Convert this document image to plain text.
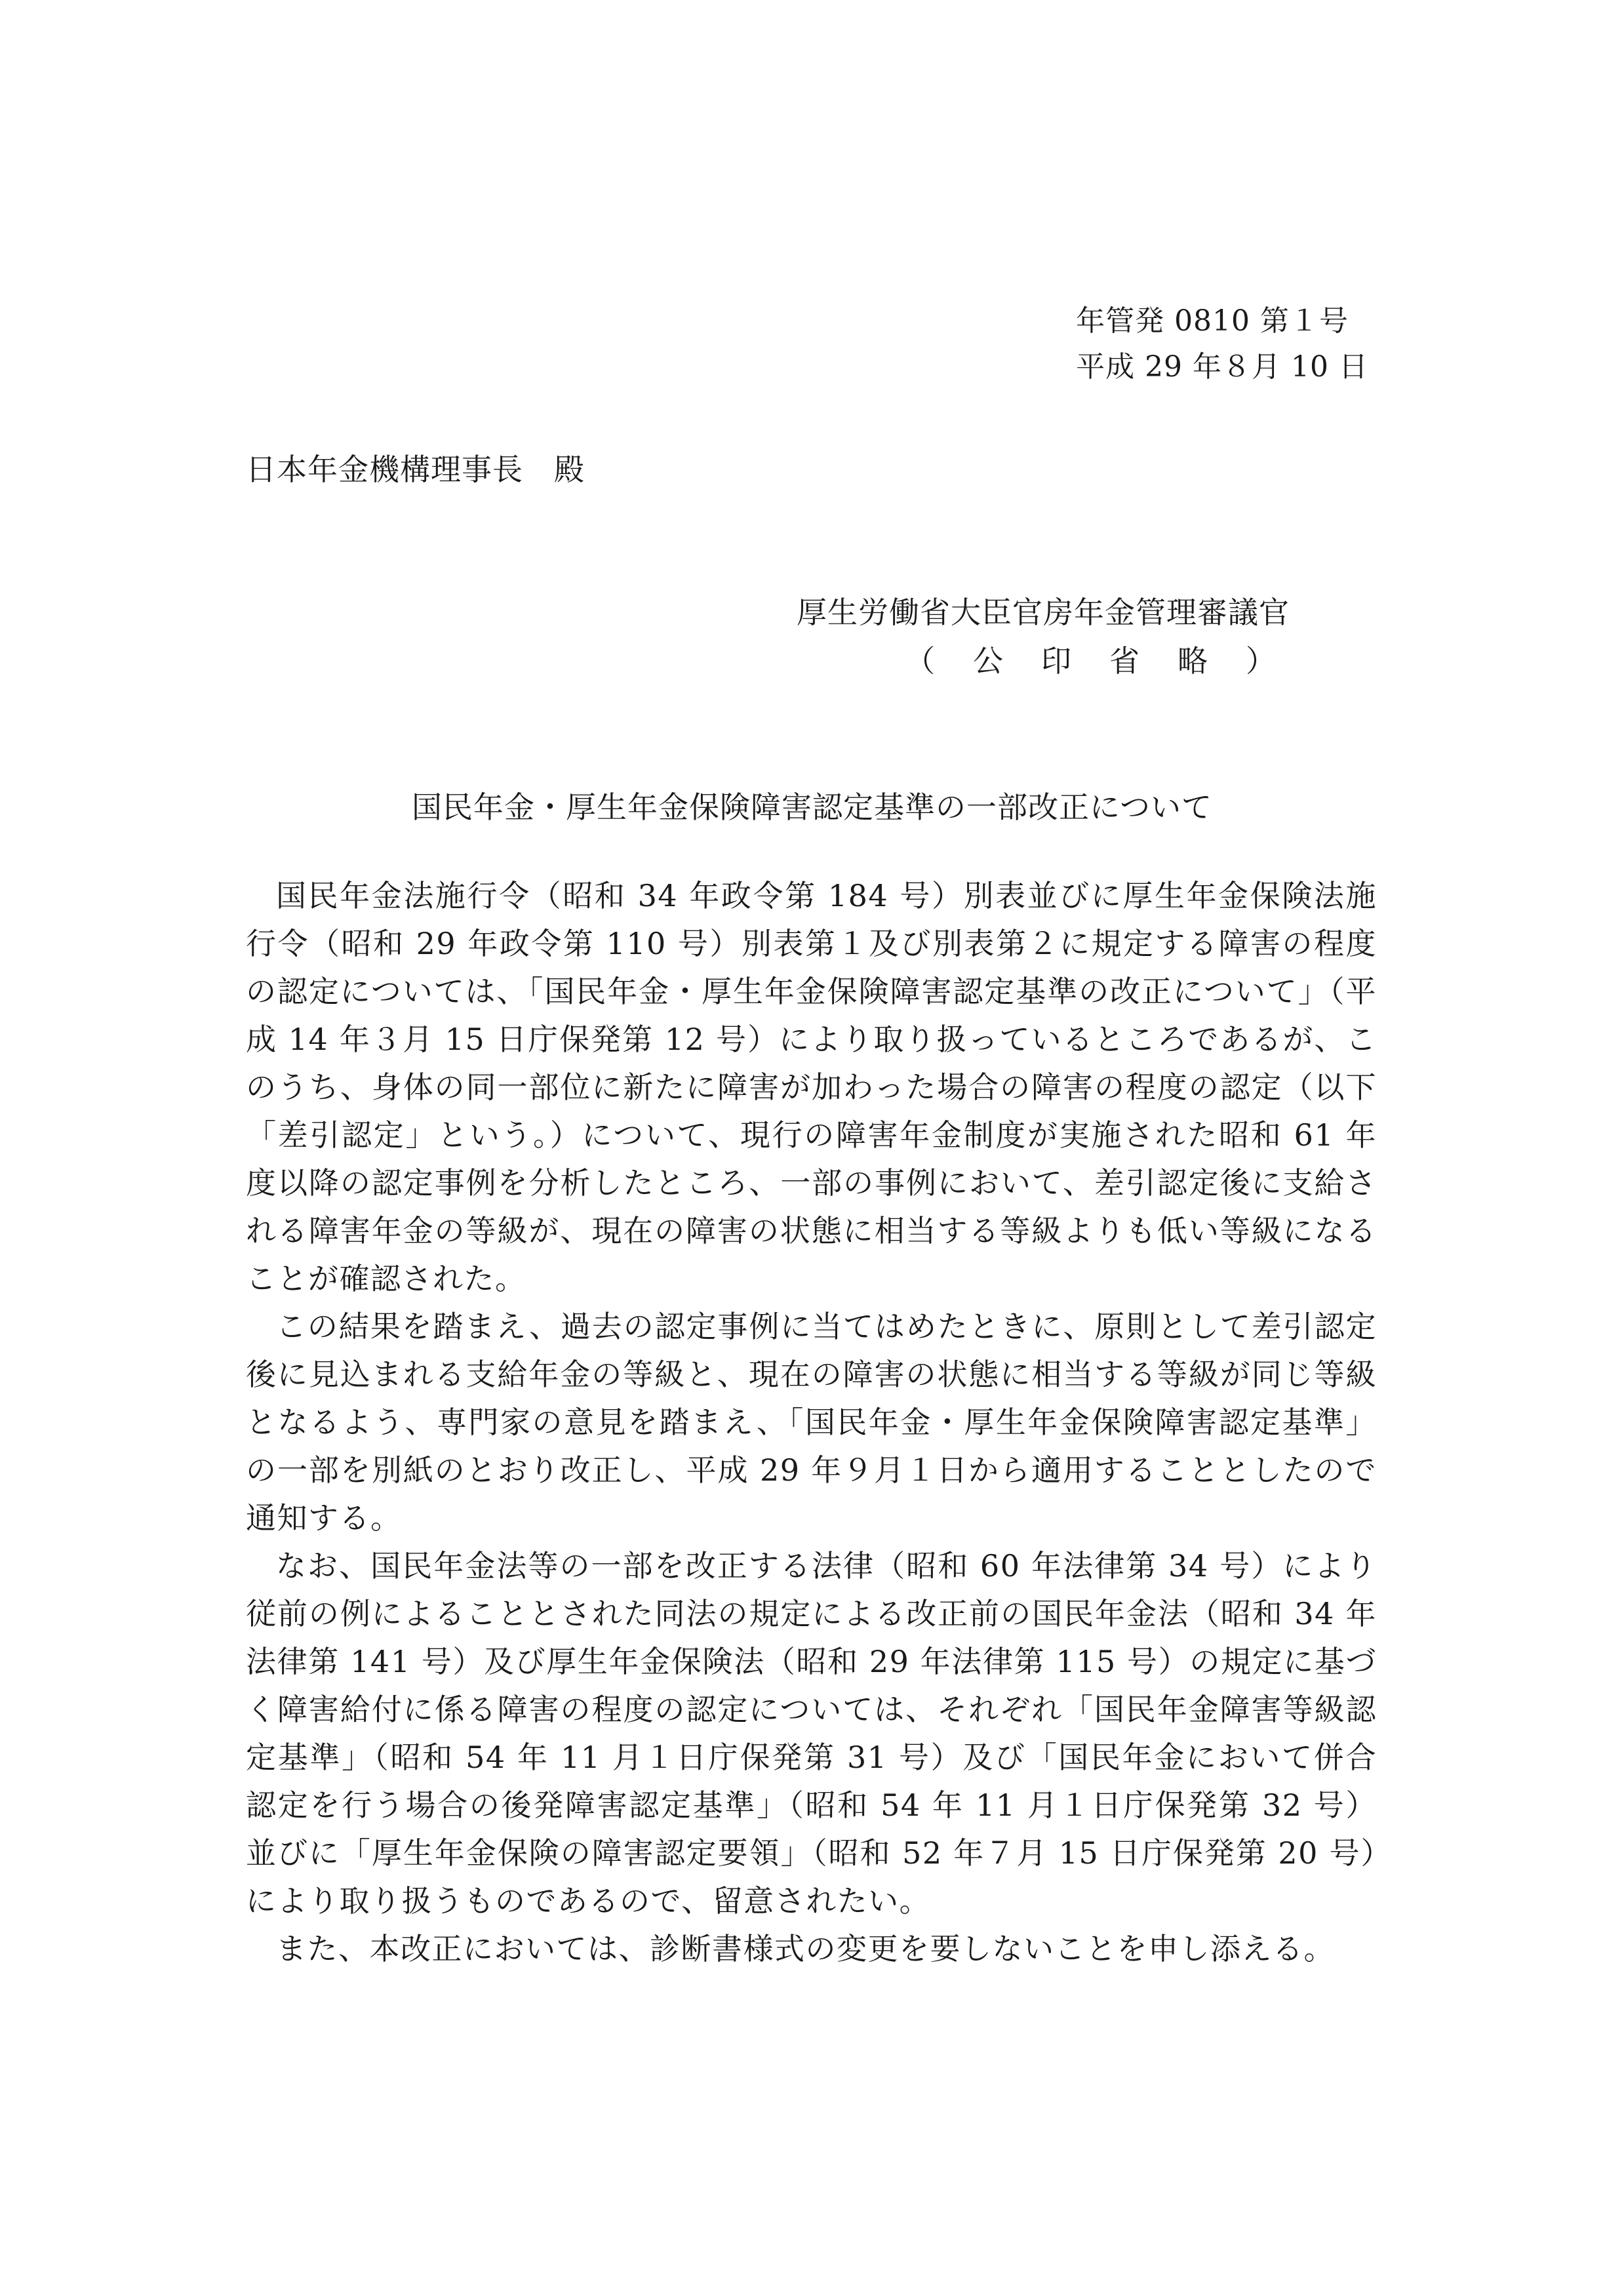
年管発 0810 第１号
平成 29 年８月 10 日
日本年金機構理事長　殿
厚生労働省大臣官房年金管理審議官
（公印省略）
国民年金・厚生年金保険障害認定基準の一部改正について

国民年金法施行令（昭和 34 年政令第 184 号）別表並びに厚生年金保険法施行令（昭和 29 年政令第 110 号）別表第１及び別表第２に規定する障害の程度の認定については、「国民年金・厚生年金保険障害認定基準の改正について」（平成 14 年３月 15 日庁保発第 12 号）により取り扱っているところであるが、このうち、身体の同一部位に新たに障害が加わった場合の障害の程度の認定（以下「差引認定」という。）について、現行の障害年金制度が実施された昭和 61 年度以降の認定事例を分析したところ、一部の事例において、差引認定後に支給される障害年金の等級が、現在の障害の状態に相当する等級よりも低い等級になることが確認された。

この結果を踏まえ、過去の認定事例に当てはめたときに、原則として差引認定後に見込まれる支給年金の等級と、現在の障害の状態に相当する等級が同じ等級となるよう、専門家の意見を踏まえ、「国民年金・厚生年金保険障害認定基準」の一部を別紙のとおり改正し、平成 29 年９月１日から適用することとしたので通知する。

なお、国民年金法等の一部を改正する法律（昭和 60 年法律第 34 号）により従前の例によることとされた同法の規定による改正前の国民年金法（昭和 34 年法律第 141 号）及び厚生年金保険法（昭和 29 年法律第 115 号）の規定に基づく障害給付に係る障害の程度の認定については、それぞれ「国民年金障害等級認定基準」（昭和 54 年 11 月１日庁保発第 31 号）及び「国民年金において併合認定を行う場合の後発障害認定基準」（昭和 54 年 11 月１日庁保発第 32 号）並びに「厚生年金保険の障害認定要領」（昭和 52 年７月 15 日庁保発第 20 号）により取り扱うものであるので、留意されたい。

また、本改正においては、診断書様式の変更を要しないことを申し添える。
